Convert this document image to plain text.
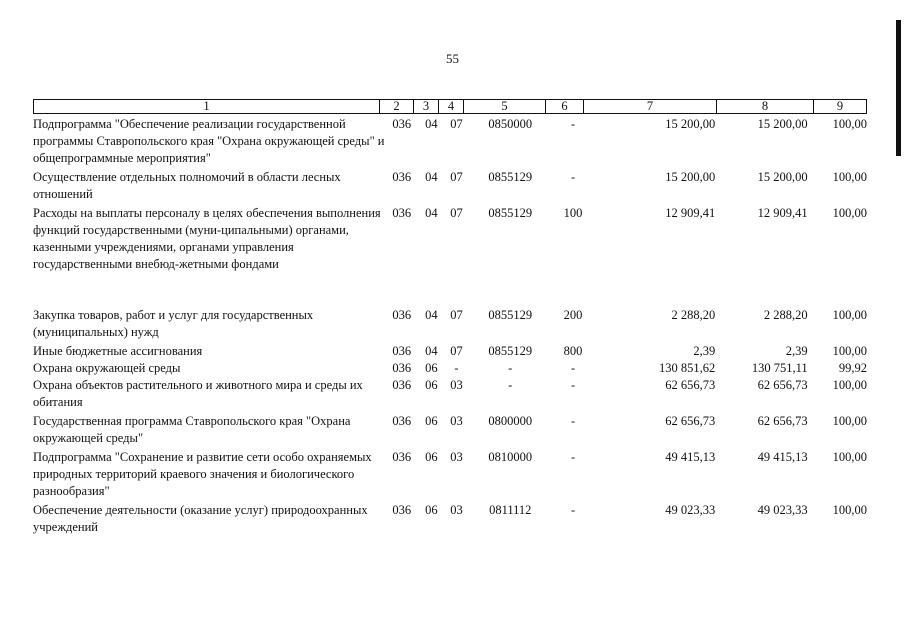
55
1	2	3	4	5	6	7	8	9
Подпрограмма "Обеспечение реализации государственной программы Ставропольского края "Охрана окружающей среды" и общепрограммные мероприятия"	036	04	07	0850000	-	15 200,00	15 200,00	100,00
Осуществление отдельных полномочий в области лесных отношений	036	04	07	0855129	-	15 200,00	15 200,00	100,00
Расходы на выплаты персоналу в целях обеспечения выполнения функций государственными (муни-ципальными) органами, казенными учреждениями, органами управления государственными внебюд-жетными фондами	036	04	07	0855129	100	12 909,41	12 909,41	100,00
Закупка товаров, работ и услуг для государственных (муниципальных) нужд	036	04	07	0855129	200	2 288,20	2 288,20	100,00
Иные бюджетные ассигнования	036	04	07	0855129	800	2,39	2,39	100,00
Охрана окружающей среды	036	06	-	-	-	130 851,62	130 751,11	99,92
Охрана объектов растительного и животного мира и среды их обитания	036	06	03	-	-	62 656,73	62 656,73	100,00
Государственная программа Ставропольского края "Охрана окружающей среды"	036	06	03	0800000	-	62 656,73	62 656,73	100,00
Подпрограмма "Сохранение и развитие сети особо охраняемых природных территорий краевого значения и биологического разнообразия"	036	06	03	0810000	-	49 415,13	49 415,13	100,00
Обеспечение деятельности (оказание услуг) природоохранных учреждений	036	06	03	0811112	-	49 023,33	49 023,33	100,00
